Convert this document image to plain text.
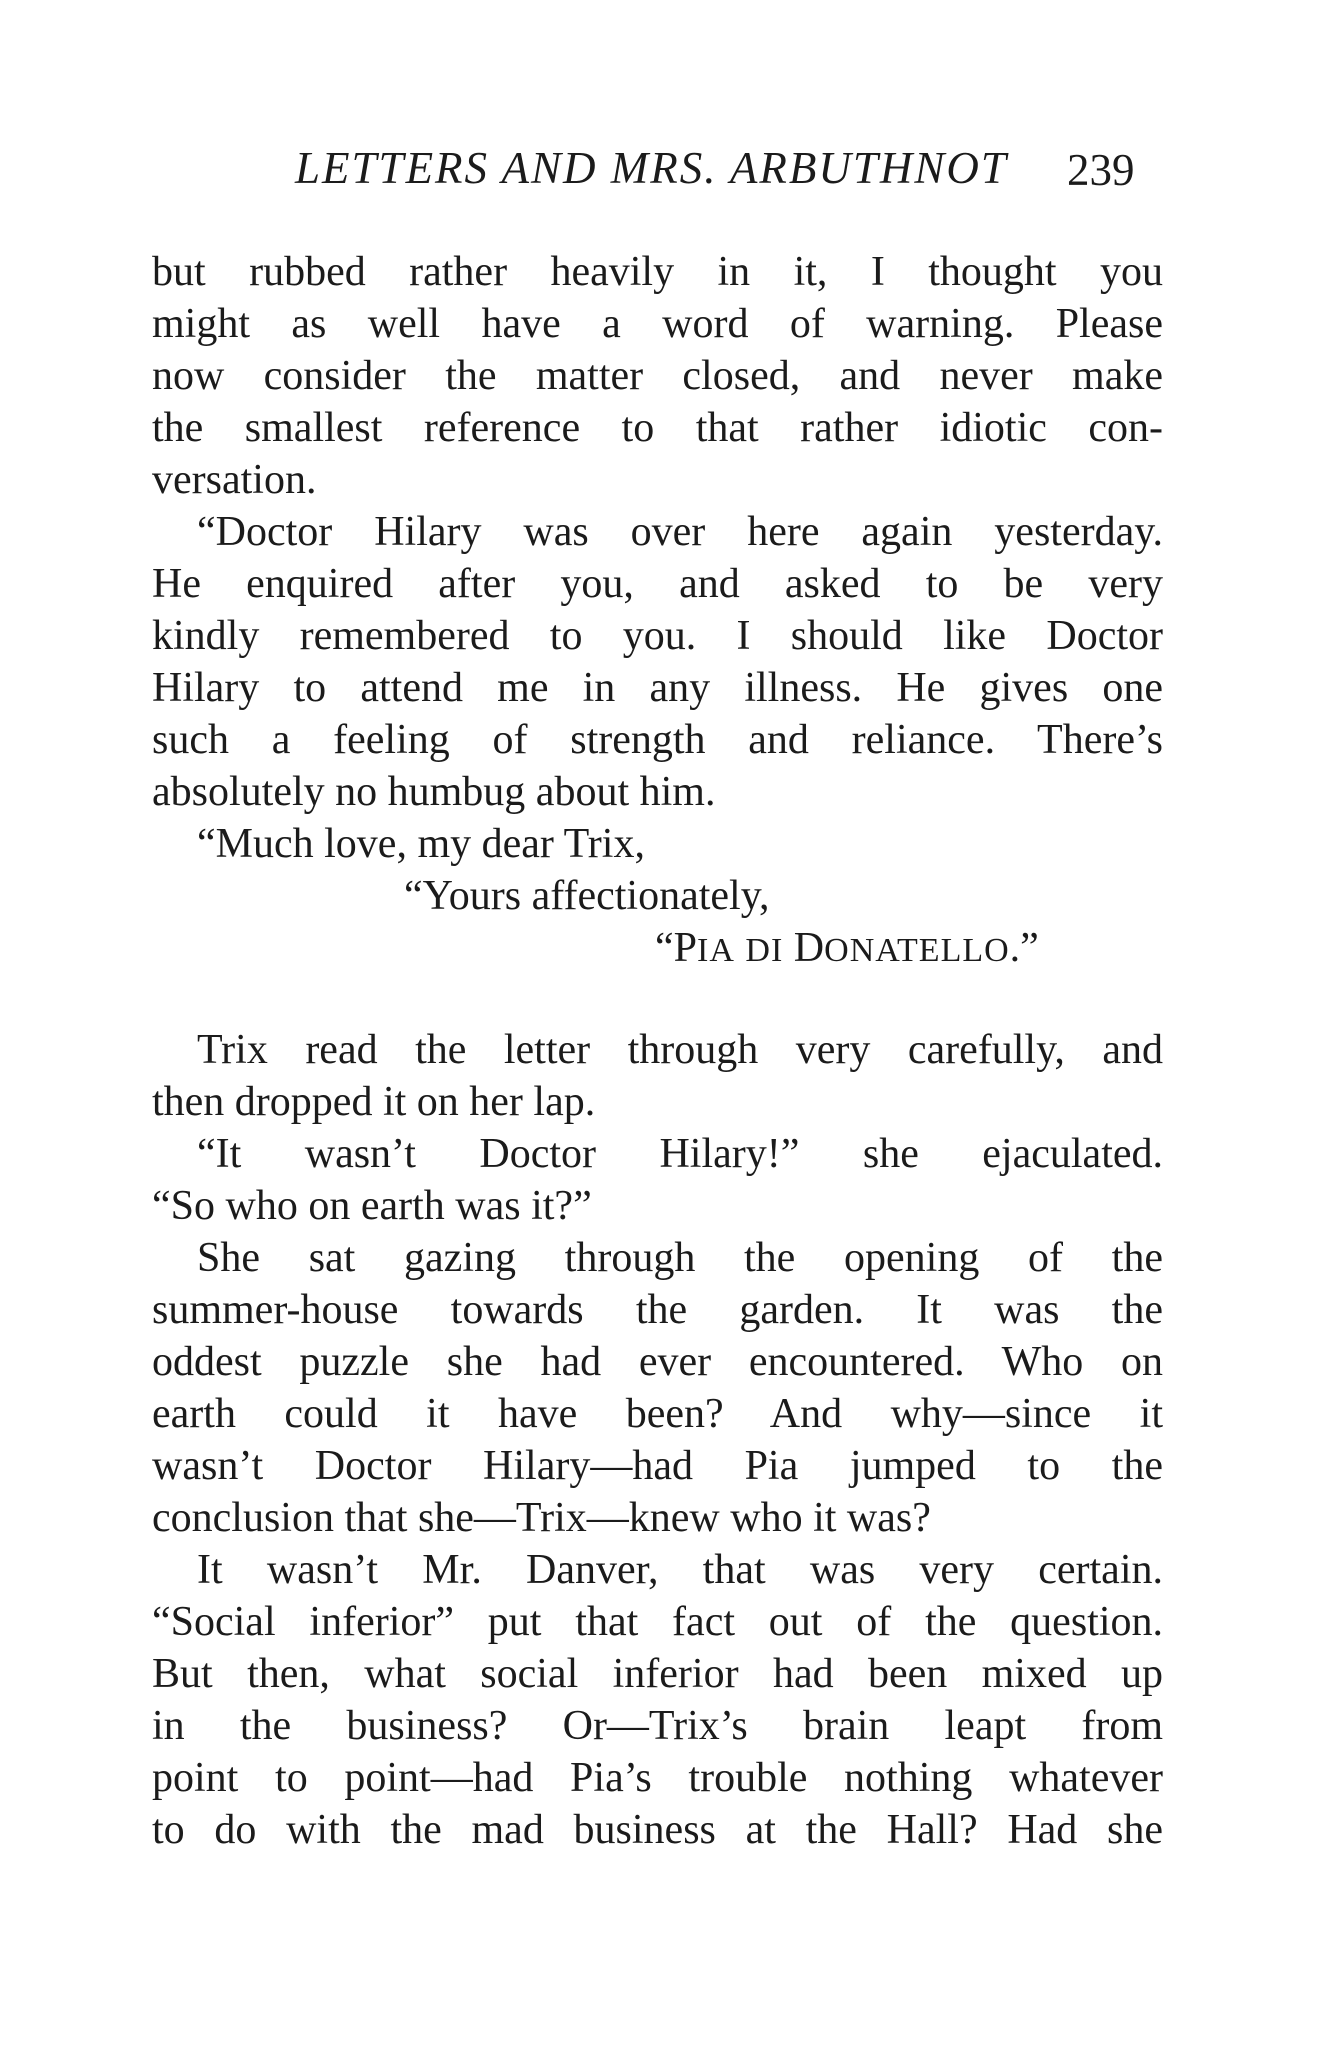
LETTERS AND MRS. ARBUTHNOT 239
but rubbed rather heavily in it, I thought you
might as well have a word of warning. Please
now consider the matter closed, and never make
the smallest reference to that rather idiotic con-
versation.
“Doctor Hilary was over here again yesterday.
He enquired after you, and asked to be very
kindly remembered to you. I should like Doctor
Hilary to attend me in any illness. He gives one
such a feeling of strength and reliance. There’s
absolutely no humbug about him.
“Much love, my dear Trix,
“Yours affectionately,
“PIA DI DONATELLO.”
Trix read the letter through very carefully, and
then dropped it on her lap.
“It wasn’t Doctor Hilary!” she ejaculated.
“So who on earth was it?”
She sat gazing through the opening of the
summer-house towards the garden. It was the
oddest puzzle she had ever encountered. Who on
earth could it have been? And why—since it
wasn’t Doctor Hilary—had Pia jumped to the
conclusion that she—Trix—knew who it was?
It wasn’t Mr. Danver, that was very certain.
“Social inferior” put that fact out of the question.
But then, what social inferior had been mixed up
in the business? Or—Trix’s brain leapt from
point to point—had Pia’s trouble nothing whatever
to do with the mad business at the Hall? Had she
